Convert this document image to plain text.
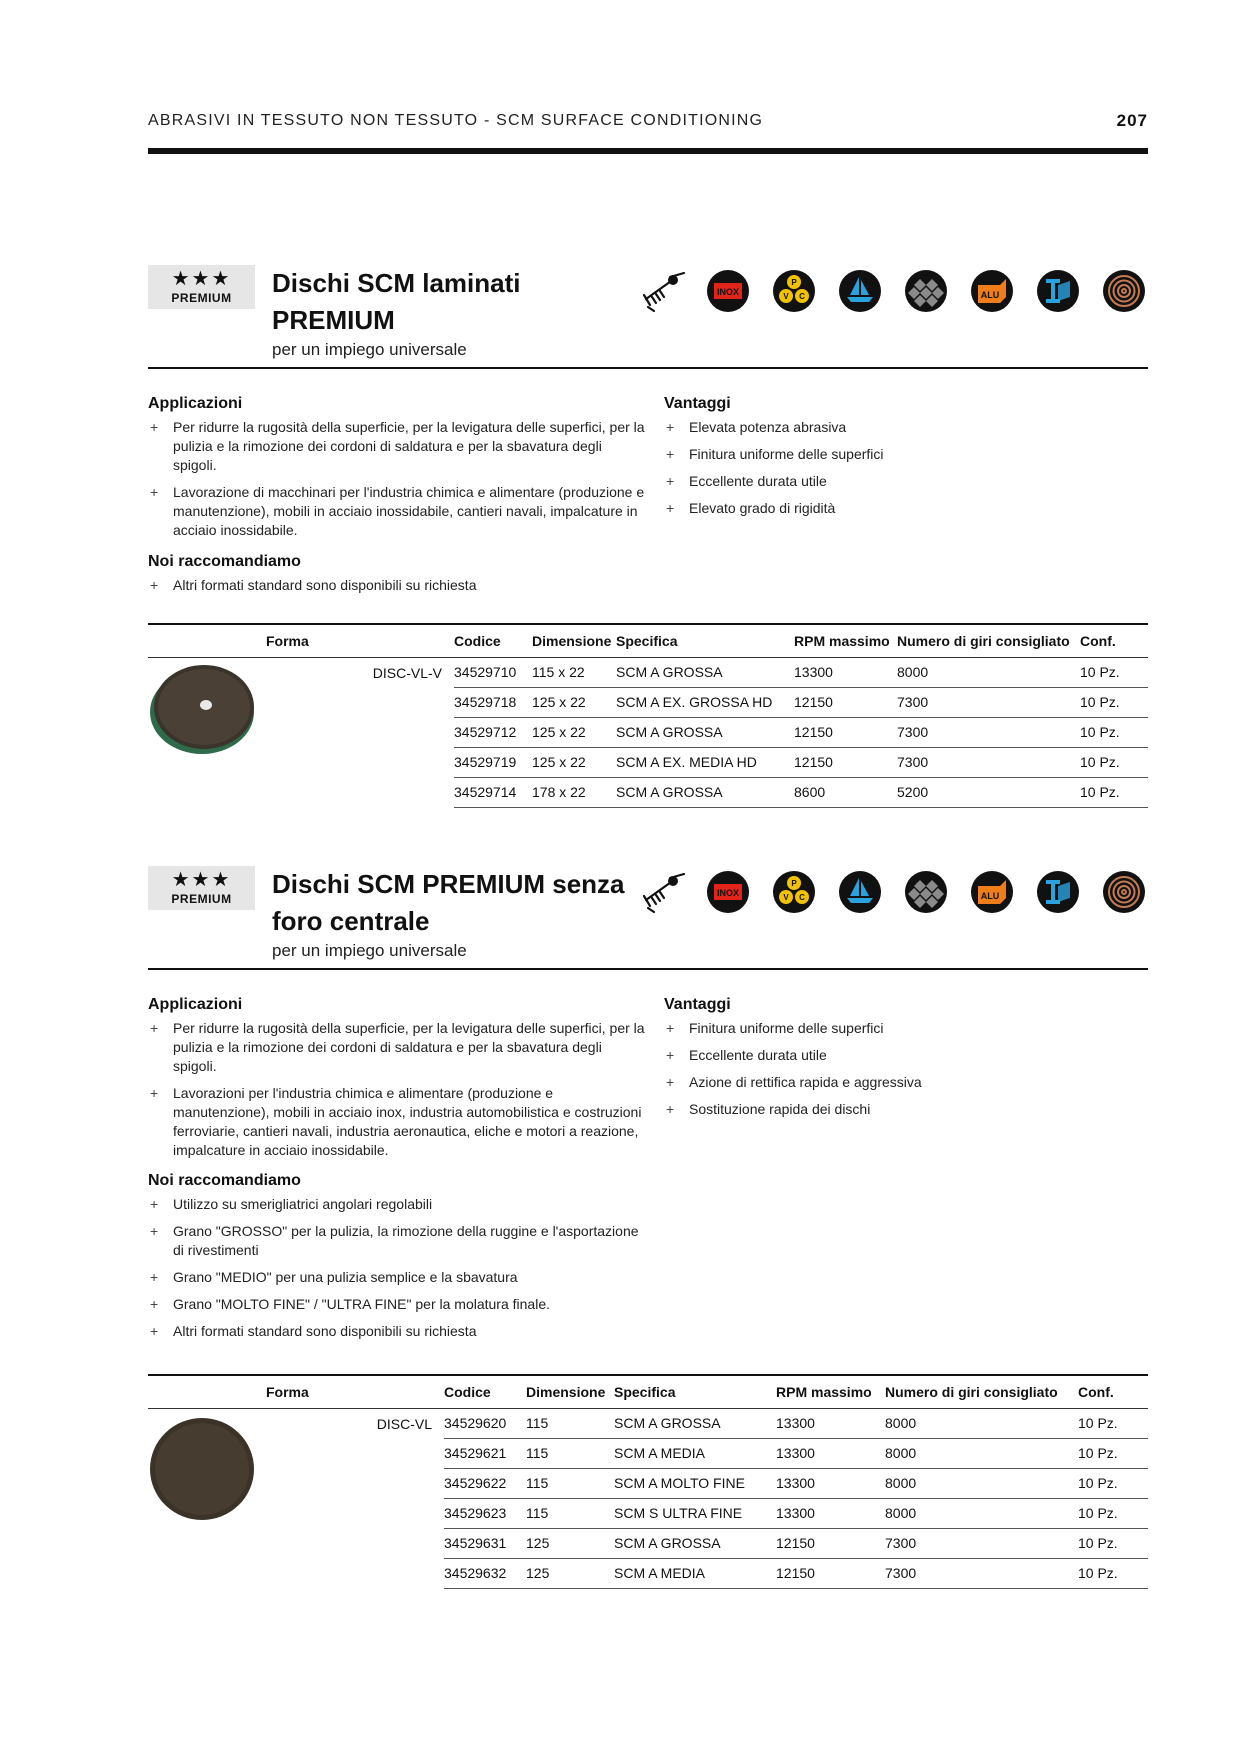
ABRASIVI IN TESSUTO NON TESSUTO - SCM SURFACE CONDITIONING	207
★★★
PREMIUM	Dischi SCM laminati
PREMIUM
per un impiego universale
INOX
P
V C	ALU
Applicazioni
+ Per ridurre la rugosità della superficie, per la levigatura delle superfici, per la pulizia e la rimozione dei cordoni di saldatura e per la sbavatura degli spigoli.
+ Lavorazione di macchinari per l'industria chimica e alimentare (produzione e manutenzione), mobili in acciaio inossidabile, cantieri navali, impalcature in acciaio inossidabile.
Vantaggi
+ Elevata potenza abrasiva
+ Finitura uniforme delle superfici
+ Eccellente durata utile
+ Elevato grado di rigidità
Noi raccomandiamo
+ Altri formati standard sono disponibili su richiesta
	Forma	Codice	Dimensione	Specifica	RPM massimo	Numero di giri consigliato	Conf.

	DISC-VL-V	34529710	115 x 22	SCM A GROSSA	13300	8000	10 Pz.
		34529718	125 x 22	SCM A EX. GROSSA HD	12150	7300	10 Pz.
		34529712	125 x 22	SCM A GROSSA	12150	7300	10 Pz.
		34529719	125 x 22	SCM A EX. MEDIA HD	12150	7300	10 Pz.
		34529714	178 x 22	SCM A GROSSA	8600	5200	10 Pz.
★★★
PREMIUM	Dischi SCM PREMIUM senza
foro centrale
per un impiego universale
INOX
P
V C	ALU
Applicazioni
+ Per ridurre la rugosità della superficie, per la levigatura delle superfici, per la pulizia e la rimozione dei cordoni di saldatura e per la sbavatura degli spigoli.
+ Lavorazioni per l'industria chimica e alimentare (produzione e manutenzione), mobili in acciaio inox, industria automobilistica e costruzioni ferroviarie, cantieri navali, industria aeronautica, eliche e motori a reazione, impalcature in acciaio inossidabile.
Vantaggi
+ Finitura uniforme delle superfici
+ Eccellente durata utile
+ Azione di rettifica rapida e aggressiva
+ Sostituzione rapida dei dischi
Noi raccomandiamo
+ Utilizzo su smerigliatrici angolari regolabili
+ Grano "GROSSO" per la pulizia, la rimozione della ruggine e l'asportazione di rivestimenti
+ Grano "MEDIO" per una pulizia semplice e la sbavatura
+ Grano "MOLTO FINE" / "ULTRA FINE" per la molatura finale.
+ Altri formati standard sono disponibili su richiesta
	Forma	Codice	Dimensione	Specifica	RPM massimo	Numero di giri consigliato	Conf.

	DISC-VL	34529620	115	SCM A GROSSA	13300	8000	10 Pz.
		34529621	115	SCM A MEDIA	13300	8000	10 Pz.
		34529622	115	SCM A MOLTO FINE	13300	8000	10 Pz.
		34529623	115	SCM S ULTRA FINE	13300	8000	10 Pz.
		34529631	125	SCM A GROSSA	12150	7300	10 Pz.
		34529632	125	SCM A MEDIA	12150	7300	10 Pz.
